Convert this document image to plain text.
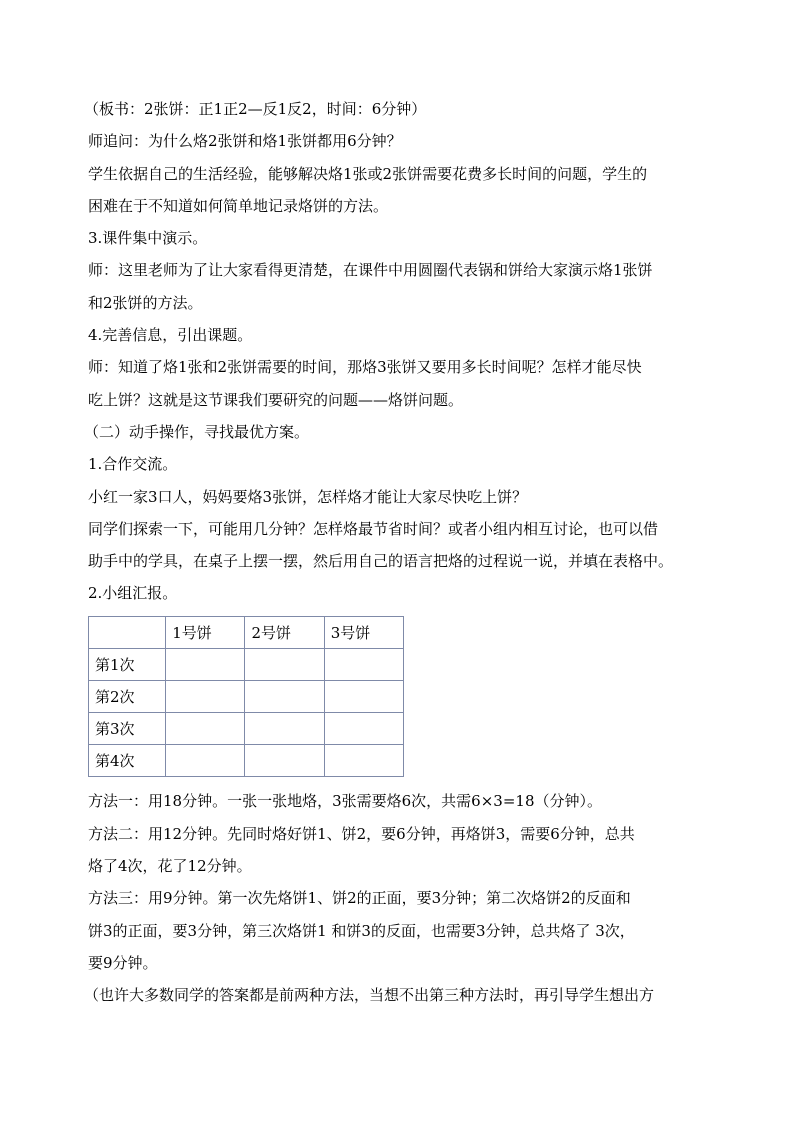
（板书：2张饼：正1正2—反1反2，时间：6分钟）
师追问：为什么烙2张饼和烙1张饼都用6分钟？
学生依据自己的生活经验，能够解决烙1张或2张饼需要花费多长时间的问题，学生的
困难在于不知道如何简单地记录烙饼的方法。
3.课件集中演示。
师：这里老师为了让大家看得更清楚，在课件中用圆圈代表锅和饼给大家演示烙1张饼
和2张饼的方法。
4.完善信息，引出课题。
师：知道了烙1张和2张饼需要的时间，那烙3张饼又要用多长时间呢？怎样才能尽快
吃上饼？这就是这节课我们要研究的问题——烙饼问题。
（二）动手操作，寻找最优方案。
1.合作交流。
小红一家3口人，妈妈要烙3张饼，怎样烙才能让大家尽快吃上饼？
同学们探索一下，可能用几分钟？怎样烙最节省时间？或者小组内相互讨论，也可以借
助手中的学具，在桌子上摆一摆，然后用自己的语言把烙的过程说一说，并填在表格中。
2.小组汇报。
	1号饼	2号饼	3号饼
第1次			
第2次			
第3次			
第4次			
方法一：用18分钟。一张一张地烙，3张需要烙6次，共需6×3=18（分钟）。
方法二：用12分钟。先同时烙好饼1、饼2，要6分钟，再烙饼3，需要6分钟，总共
烙了4次，花了12分钟。
方法三：用9分钟。第一次先烙饼1、饼2的正面，要3分钟；第二次烙饼2的反面和
饼3的正面，要3分钟，第三次烙饼1 和饼3的反面，也需要3分钟，总共烙了 3次，
要9分钟。
（也许大多数同学的答案都是前两种方法，当想不出第三种方法时，再引导学生想出方
